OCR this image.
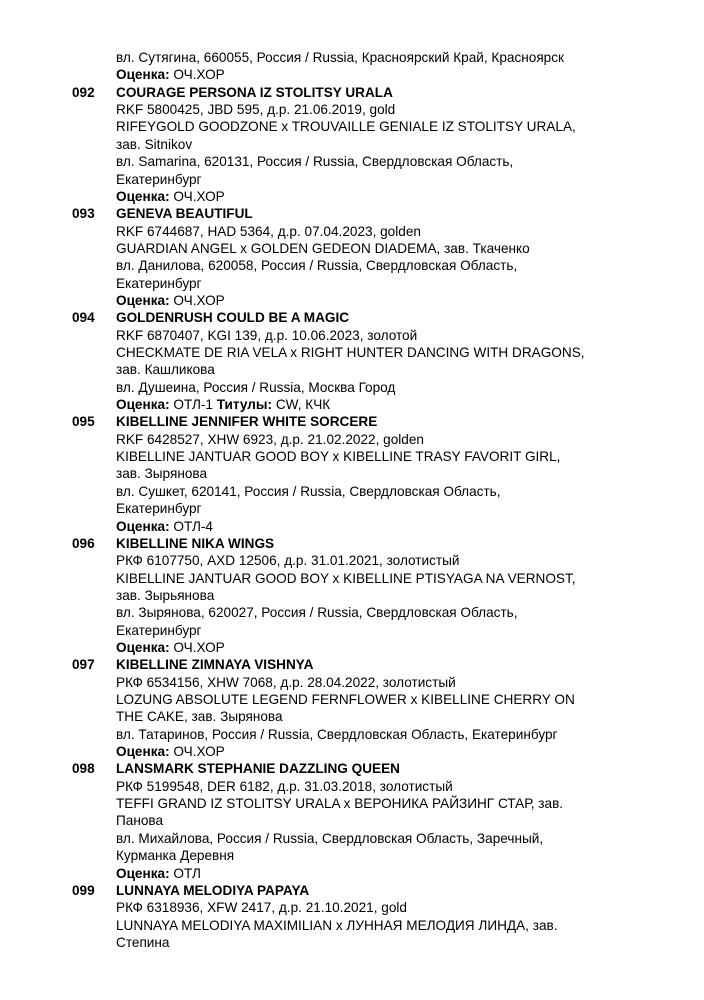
вл. Сутягина, 660055, Россия / Russia, Красноярский Край, Красноярск
Оценка: ОЧ.ХОР
092 COURAGE PERSONA IZ STOLITSY URALA
RKF 5800425, JBD 595, д.р. 21.06.2019, gold
RIFEYGOLD GOODZONE x TROUVAILLE GENIALE IZ STOLITSY URALA,
зав. Sitnikov
вл. Samarina, 620131, Россия / Russia, Свердловская Область,
Екатеринбург
Оценка: ОЧ.ХОР
093 GENEVA BEAUTIFUL
RKF 6744687, HAD 5364, д.р. 07.04.2023, golden
GUARDIAN ANGEL x GOLDEN GEDEON DIADEMA, зав. Ткаченко
вл. Данилова, 620058, Россия / Russia, Свердловская Область,
Екатеринбург
Оценка: ОЧ.ХОР
094 GOLDENRUSH COULD BE A MAGIC
RKF 6870407, KGI 139, д.р. 10.06.2023, золотой
CHECKMATE DE RIA VELA x RIGHT HUNTER DANCING WITH DRAGONS,
зав. Кашликова
вл. Душеина, Россия / Russia, Москва Город
Оценка: ОТЛ-1 Титулы: CW, КЧК
095 KIBELLINE JENNIFER WHITE SORCERE
RKF 6428527, XHW 6923, д.р. 21.02.2022, golden
KIBELLINE JANTUAR GOOD BOY x KIBELLINE TRASY FAVORIT GIRL,
зав. Зырянова
вл. Сушкет, 620141, Россия / Russia, Свердловская Область,
Екатеринбург
Оценка: ОТЛ-4
096 KIBELLINE NIKA WINGS
РКФ 6107750, AXD 12506, д.р. 31.01.2021, золотистый
KIBELLINE JANTUAR GOOD BOY x KIBELLINE PTISYAGA NA VERNOST,
зав. Зырьянова
вл. Зырянова, 620027, Россия / Russia, Свердловская Область,
Екатеринбург
Оценка: ОЧ.ХОР
097 KIBELLINE ZIMNAYA VISHNYA
РКФ 6534156, XHW 7068, д.р. 28.04.2022, золотистый
LOZUNG ABSOLUTE LEGEND FERNFLOWER x KIBELLINE CHERRY ON
THE CAKE, зав. Зырянова
вл. Татаринов, Россия / Russia, Свердловская Область, Екатеринбург
Оценка: ОЧ.ХОР
098 LANSMARK STEPHANIE DAZZLING QUEEN
РКФ 5199548, DER 6182, д.р. 31.03.2018, золотистый
TEFFI GRAND IZ STOLITSY URALA x ВЕРОНИКА РАЙЗИНГ СТАР, зав.
Панова
вл. Михайлова, Россия / Russia, Свердловская Область, Заречный,
Курманка Деревня
Оценка: ОТЛ
099 LUNNAYA MELODIYA PAPAYA
РКФ 6318936, XFW 2417, д.р. 21.10.2021, gold
LUNNAYA MELODIYA MAXIMILIAN x ЛУННАЯ МЕЛОДИЯ ЛИНДА, зав.
Степина
